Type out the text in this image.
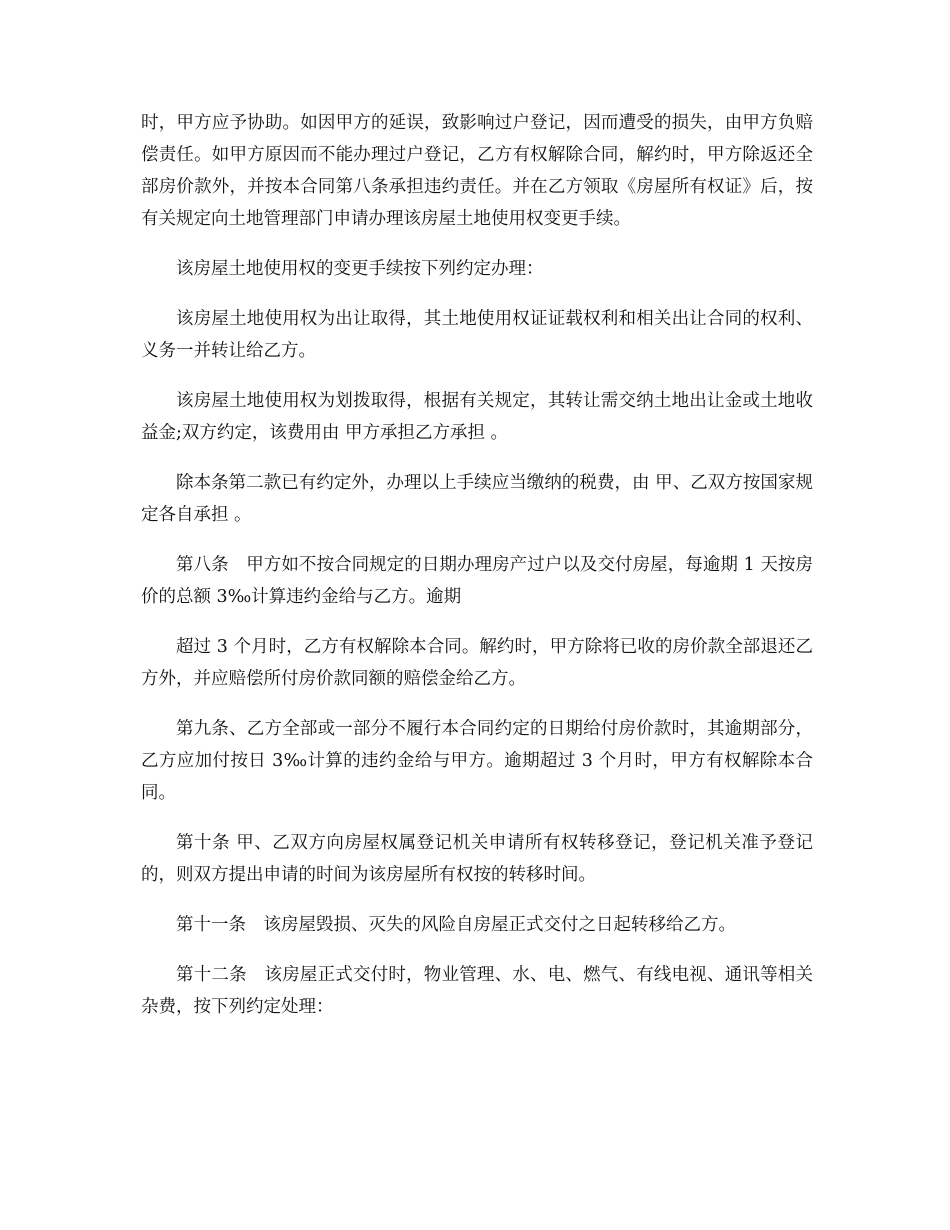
时，甲方应予协助。如因甲方的延误，致影响过户登记，因而遭受的损失，由甲方负赔偿责任。如甲方原因而不能办理过户登记，乙方有权解除合同，解约时，甲方除返还全部房价款外，并按本合同第八条承担违约责任。并在乙方领取《房屋所有权证》后，按有关规定向土地管理部门申请办理该房屋土地使用权变更手续。

该房屋土地使用权的变更手续按下列约定办理：

该房屋土地使用权为出让取得，其土地使用权证证载权利和相关出让合同的权利、义务一并转让给乙方。

该房屋土地使用权为划拨取得，根据有关规定，其转让需交纳土地出让金或土地收益金;双方约定，该费用由 甲方承担乙方承担 。

除本条第二款已有约定外，办理以上手续应当缴纳的税费，由 甲、乙双方按国家规定各自承担 。

第八条　甲方如不按合同规定的日期办理房产过户以及交付房屋，每逾期 1 天按房价的总额 3‰计算违约金给与乙方。逾期

超过 3 个月时，乙方有权解除本合同。解约时，甲方除将已收的房价款全部退还乙方外，并应赔偿所付房价款同额的赔偿金给乙方。

第九条、乙方全部或一部分不履行本合同约定的日期给付房价款时，其逾期部分，乙方应加付按日 3‰计算的违约金给与甲方。逾期超过 3 个月时，甲方有权解除本合同。

第十条 甲、乙双方向房屋权属登记机关申请所有权转移登记，登记机关准予登记的，则双方提出申请的时间为该房屋所有权按的转移时间。

第十一条　该房屋毁损、灭失的风险自房屋正式交付之日起转移给乙方。

第十二条　该房屋正式交付时，物业管理、水、电、燃气、有线电视、通讯等相关杂费，按下列约定处理：
